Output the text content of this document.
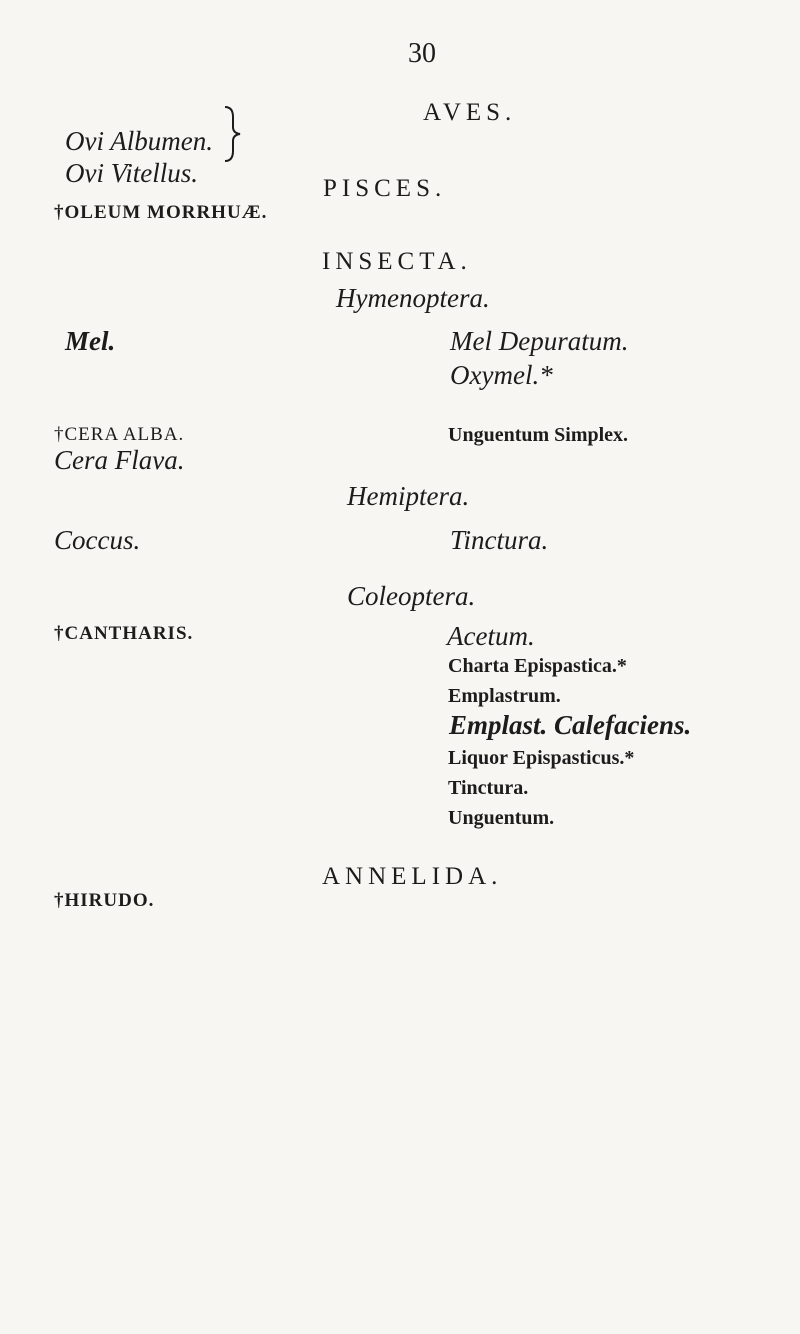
30
AVES.
Ovi Albumen.
Ovi Vitellus.
PISCES.
†OLEUM MORRHUÆ.
INSECTA.
Hymenoptera.
Mel.	Mel Depuratum.
Oxymel.*
†CERA ALBA.	Unguentum Simplex.
Cera Flava.
Hemiptera.
Coccus.	Tinctura.
Coleoptera.
†CANTHARIS.	Acetum.
Charta Epispastica.*
Emplastrum.
Emplast. Calefaciens.
Liquor Epispasticus.*
Tinctura.
Unguentum.
ANNELIDA.
†HIRUDO.
